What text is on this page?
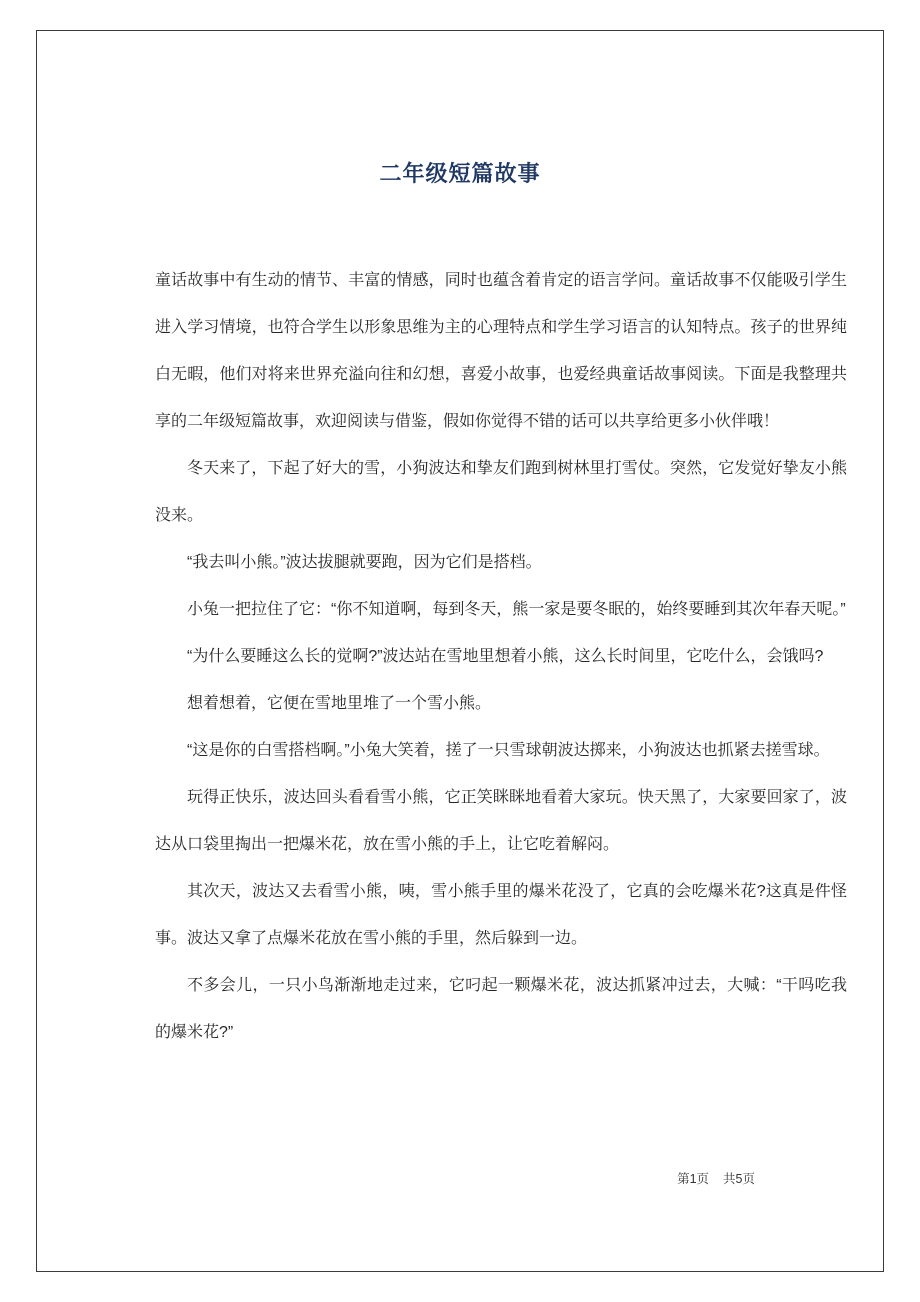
二年级短篇故事

童话故事中有生动的情节、丰富的情感，同时也蕴含着肯定的语言学问。童话故事不仅能吸引学生进入学习情境，也符合学生以形象思维为主的心理特点和学生学习语言的认知特点。孩子的世界纯白无暇，他们对将来世界充溢向往和幻想，喜爱小故事，也爱经典童话故事阅读。下面是我整理共享的二年级短篇故事，欢迎阅读与借鉴，假如你觉得不错的话可以共享给更多小伙伴哦！

冬天来了，下起了好大的雪，小狗波达和挚友们跑到树林里打雪仗。突然，它发觉好挚友小熊没来。

“我去叫小熊。”波达拔腿就要跑，因为它们是搭档。

小兔一把拉住了它：“你不知道啊，每到冬天，熊一家是要冬眠的，始终要睡到其次年春天呢。”

“为什么要睡这么长的觉啊?”波达站在雪地里想着小熊，这么长时间里，它吃什么，会饿吗?

想着想着，它便在雪地里堆了一个雪小熊。

“这是你的白雪搭档啊。”小兔大笑着，搓了一只雪球朝波达掷来，小狗波达也抓紧去搓雪球。

玩得正快乐，波达回头看看雪小熊，它正笑眯眯地看着大家玩。快天黑了，大家要回家了，波达从口袋里掏出一把爆米花，放在雪小熊的手上，让它吃着解闷。

其次天，波达又去看雪小熊，咦，雪小熊手里的爆米花没了，它真的会吃爆米花?这真是件怪事。波达又拿了点爆米花放在雪小熊的手里，然后躲到一边。

不多会儿，一只小鸟渐渐地走过来，它叼起一颗爆米花，波达抓紧冲过去，大喊：“干吗吃我的爆米花?”

第1页 共5页
